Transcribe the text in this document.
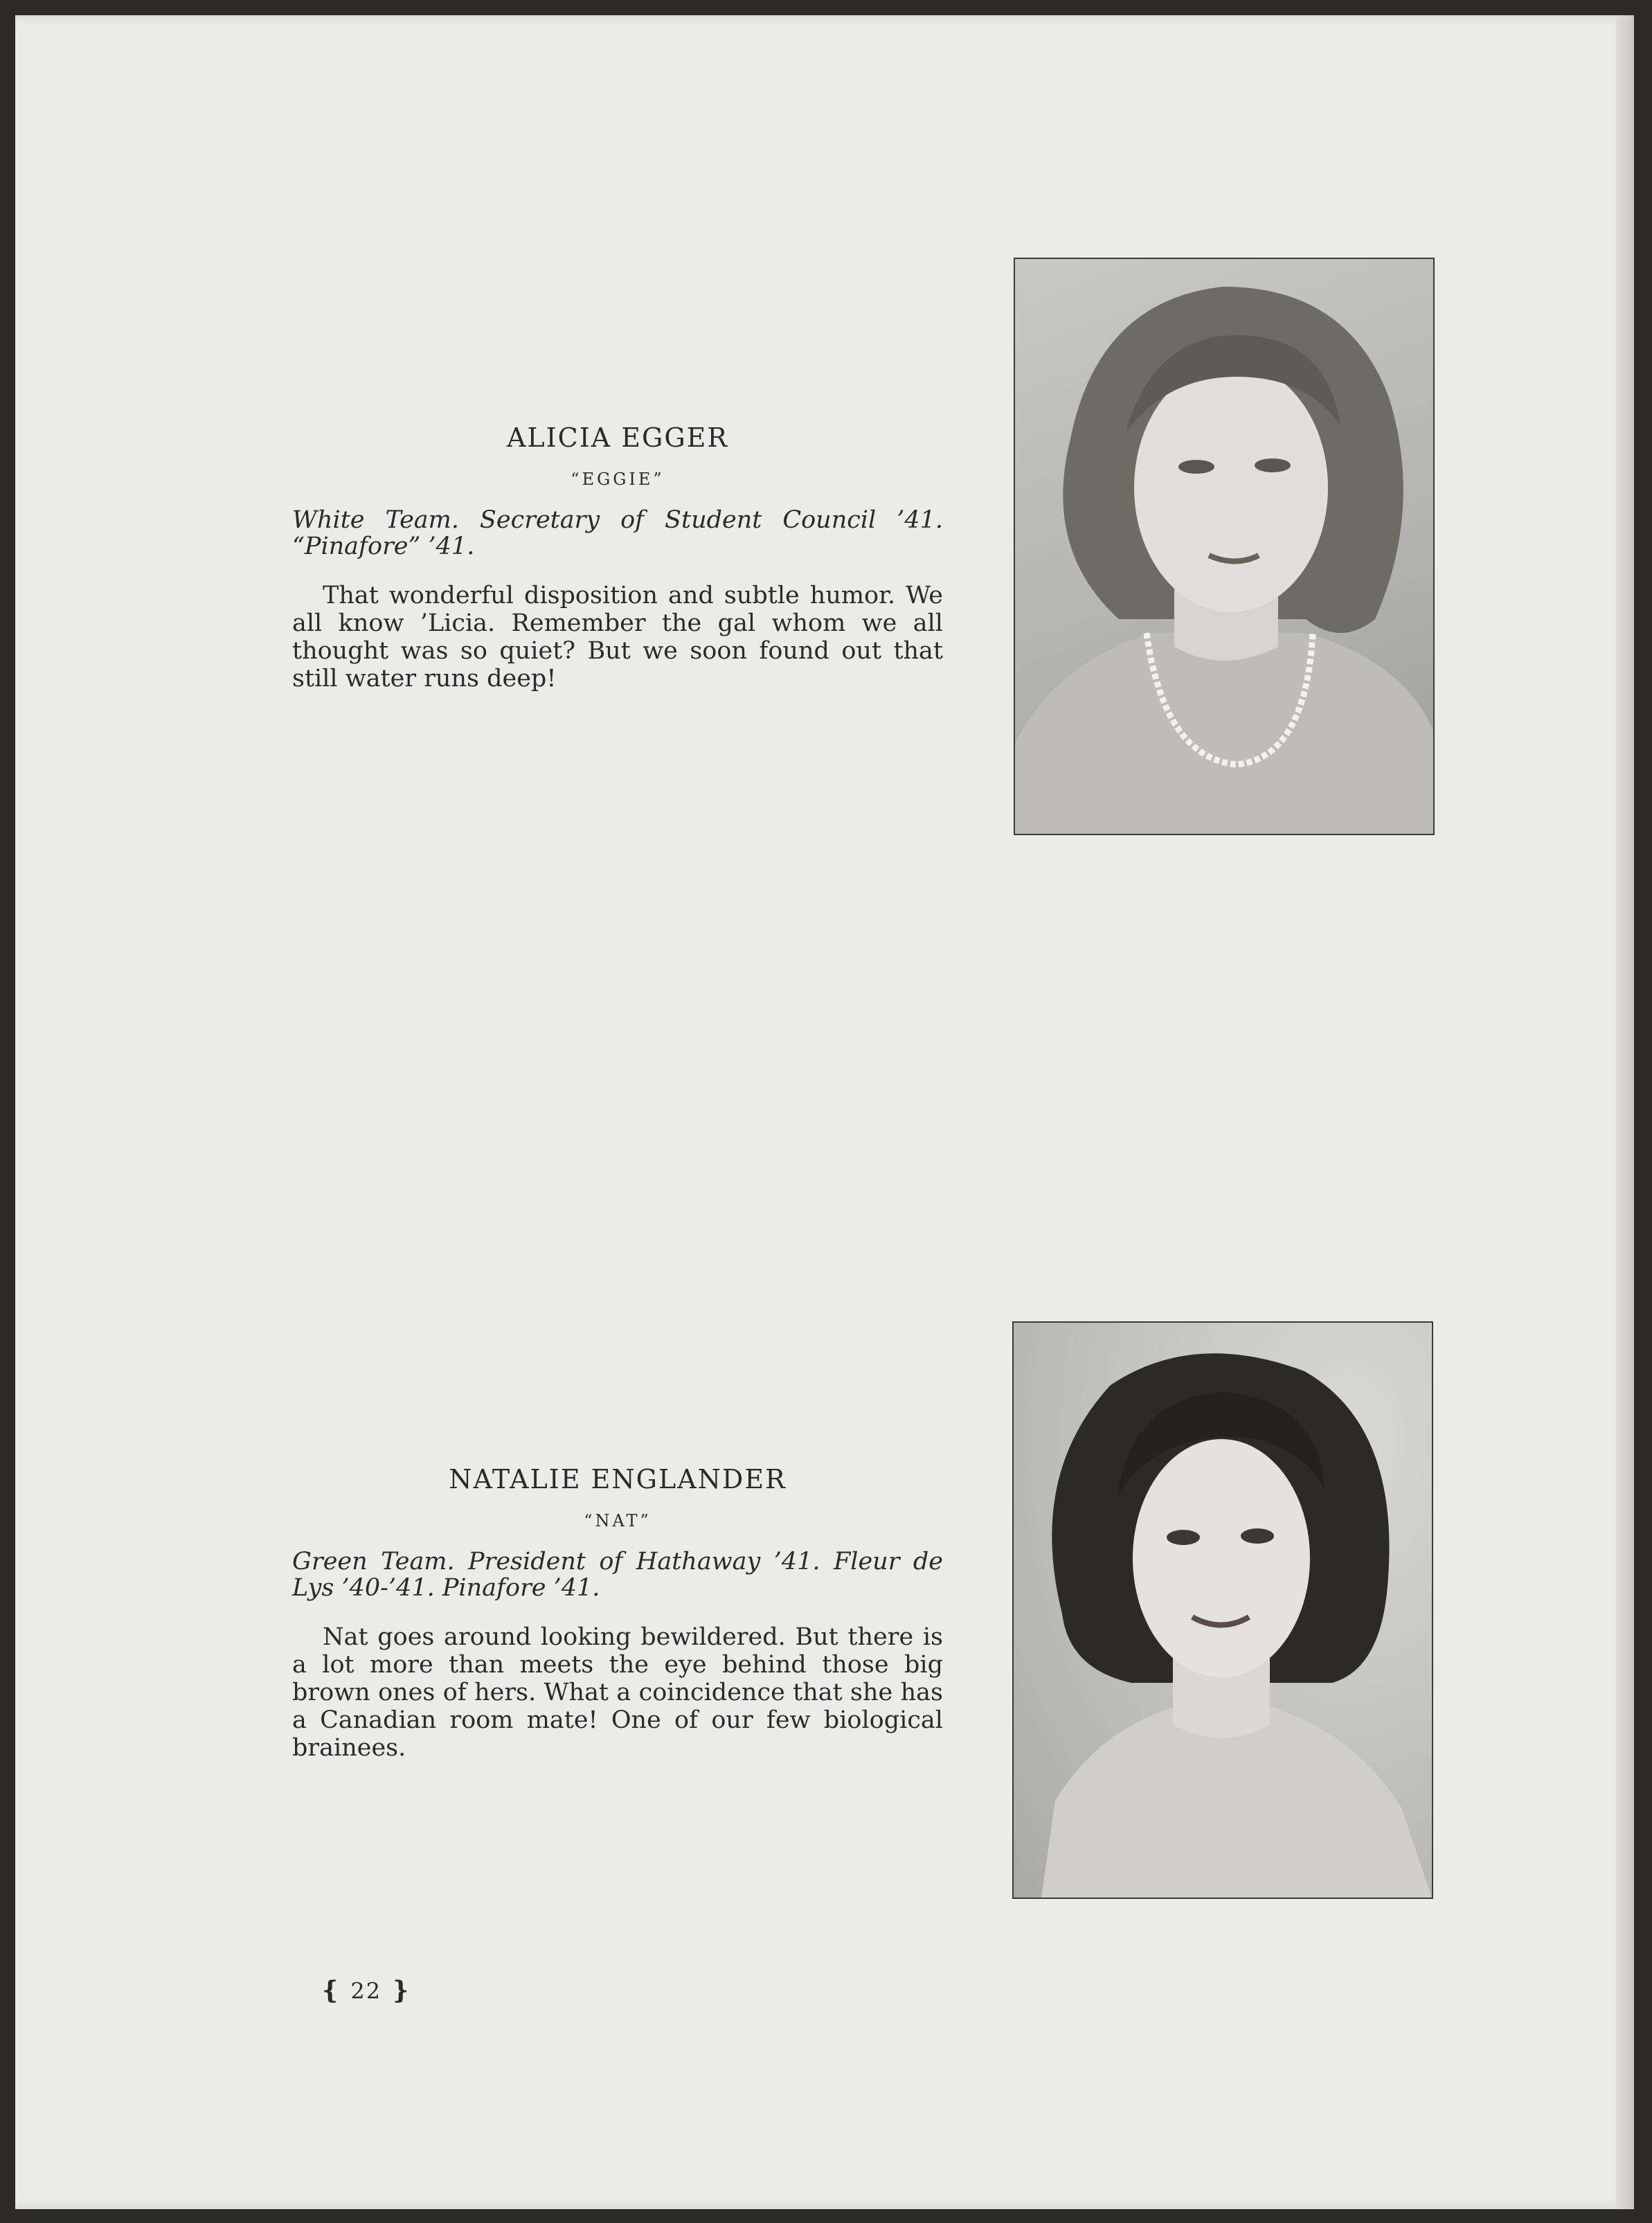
ALICIA EGGER
“EGGIE”

White Team. Secretary of Student Council ’41. “Pinafore” ’41.

That wonderful disposition and subtle humor. We all know ’Licia. Remember the gal whom we all thought was so quiet? But we soon found out that still water runs deep!

NATALIE ENGLANDER
“NAT”

Green Team. President of Hathaway ’41. Fleur de Lys ’40-’41. Pinafore ’41.

Nat goes around looking bewildered. But there is a lot more than meets the eye behind those big brown ones of hers. What a coincidence that she has a Canadian room mate! One of our few biological brainees.

❴ 22 ❵
